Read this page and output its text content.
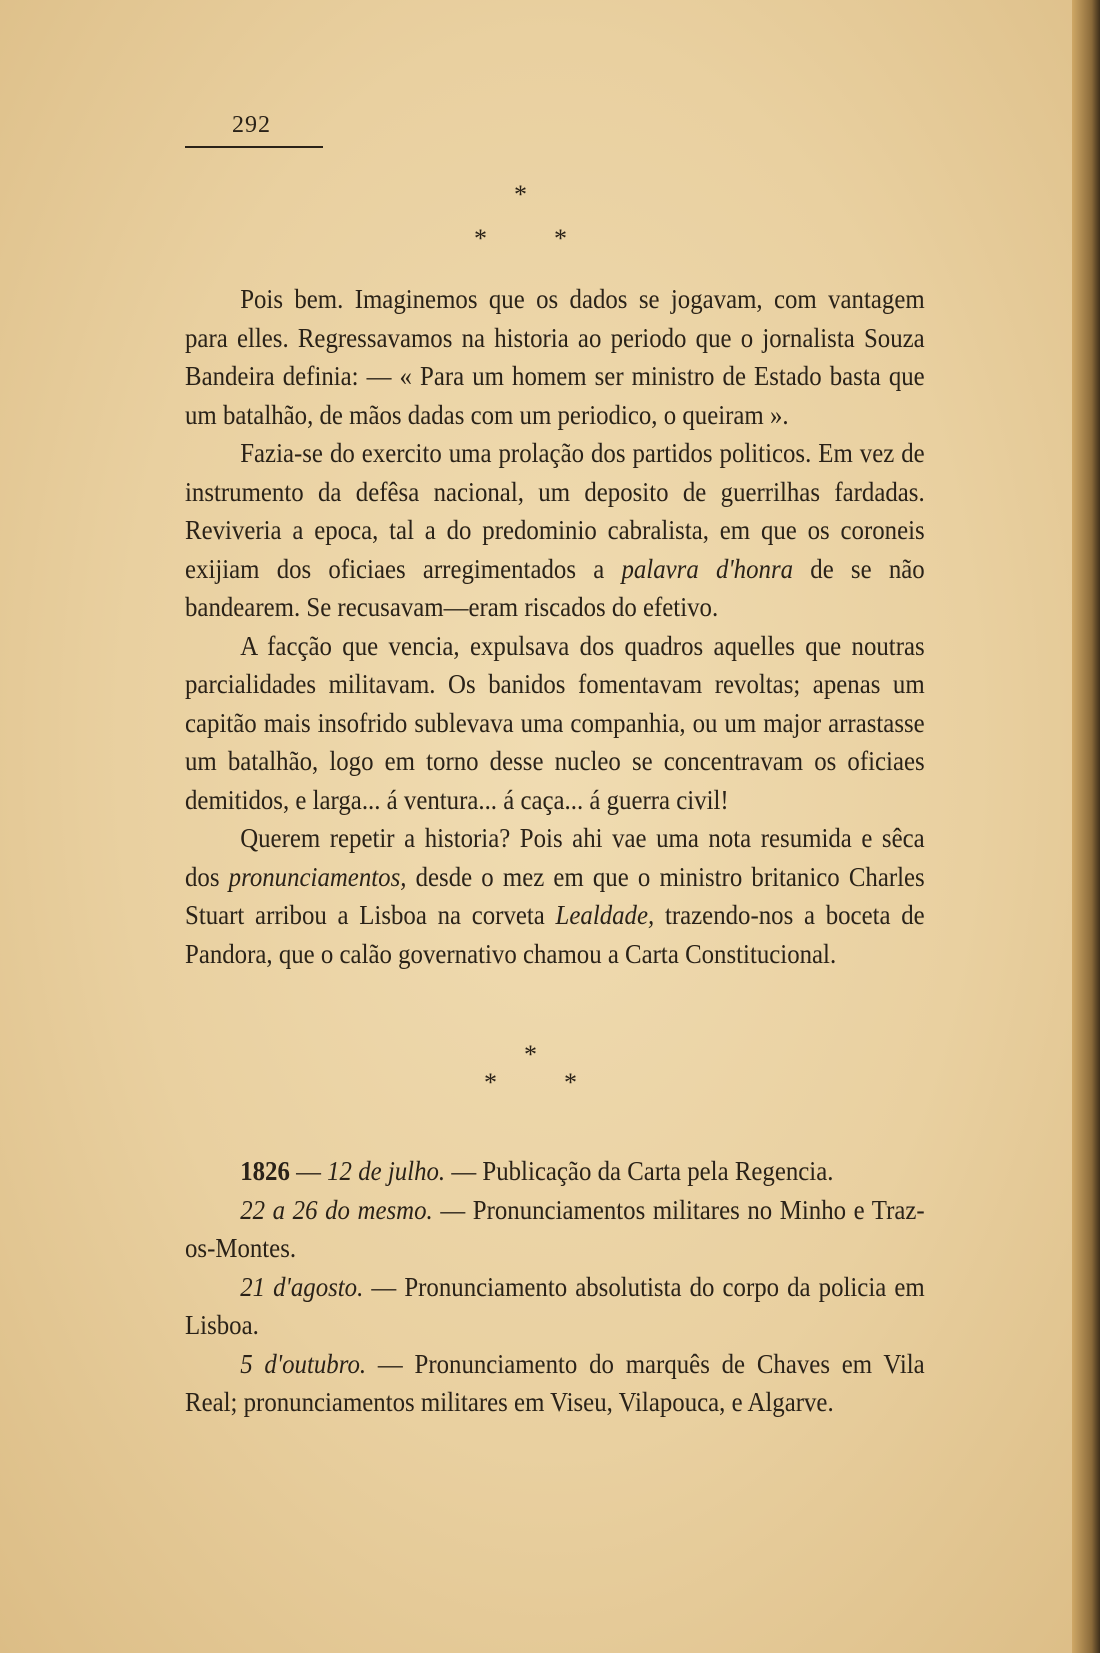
292
*
*	*

Pois bem. Imaginemos que os dados se jogavam, com vantagem para elles. Regressavamos na historia ao periodo que o jornalista Souza Bandeira definia: — « Para um homem ser ministro de Estado basta que um batalhão, de mãos dadas com um periodico, o queiram ».

Fazia-se do exercito uma prolação dos partidos politicos. Em vez de instrumento da defêsa nacional, um deposito de guerrilhas fardadas. Reviveria a epoca, tal a do predominio cabralista, em que os coroneis exijiam dos oficiaes arregimentados a palavra d'honra de se não bandearem. Se recusavam—eram riscados do efetivo.

A facção que vencia, expulsava dos quadros aquelles que noutras parcialidades militavam. Os banidos fomentavam revoltas; apenas um capitão mais insofrido sublevava uma companhia, ou um major arrastasse um batalhão, logo em torno desse nucleo se concentravam os oficiaes demitidos, e larga... á ventura... á caça... á guerra civil!

Querem repetir a historia? Pois ahi vae uma nota resumida e sêca dos pronunciamentos, desde o mez em que o ministro britanico Charles Stuart arribou a Lisboa na corveta Lealdade, trazendo-nos a boceta de Pandora, que o calão governativo chamou a Carta Constitucional.

*
*	*

1826 — 12 de julho. — Publicação da Carta pela Regencia.

22 a 26 do mesmo. — Pronunciamentos militares no Minho e Traz-os-Montes.

21 d'agosto. — Pronunciamento absolutista do corpo da policia em Lisboa.

5 d'outubro. — Pronunciamento do marquês de Chaves em Vila Real; pronunciamentos militares em Viseu, Vilapouca, e Algarve.
